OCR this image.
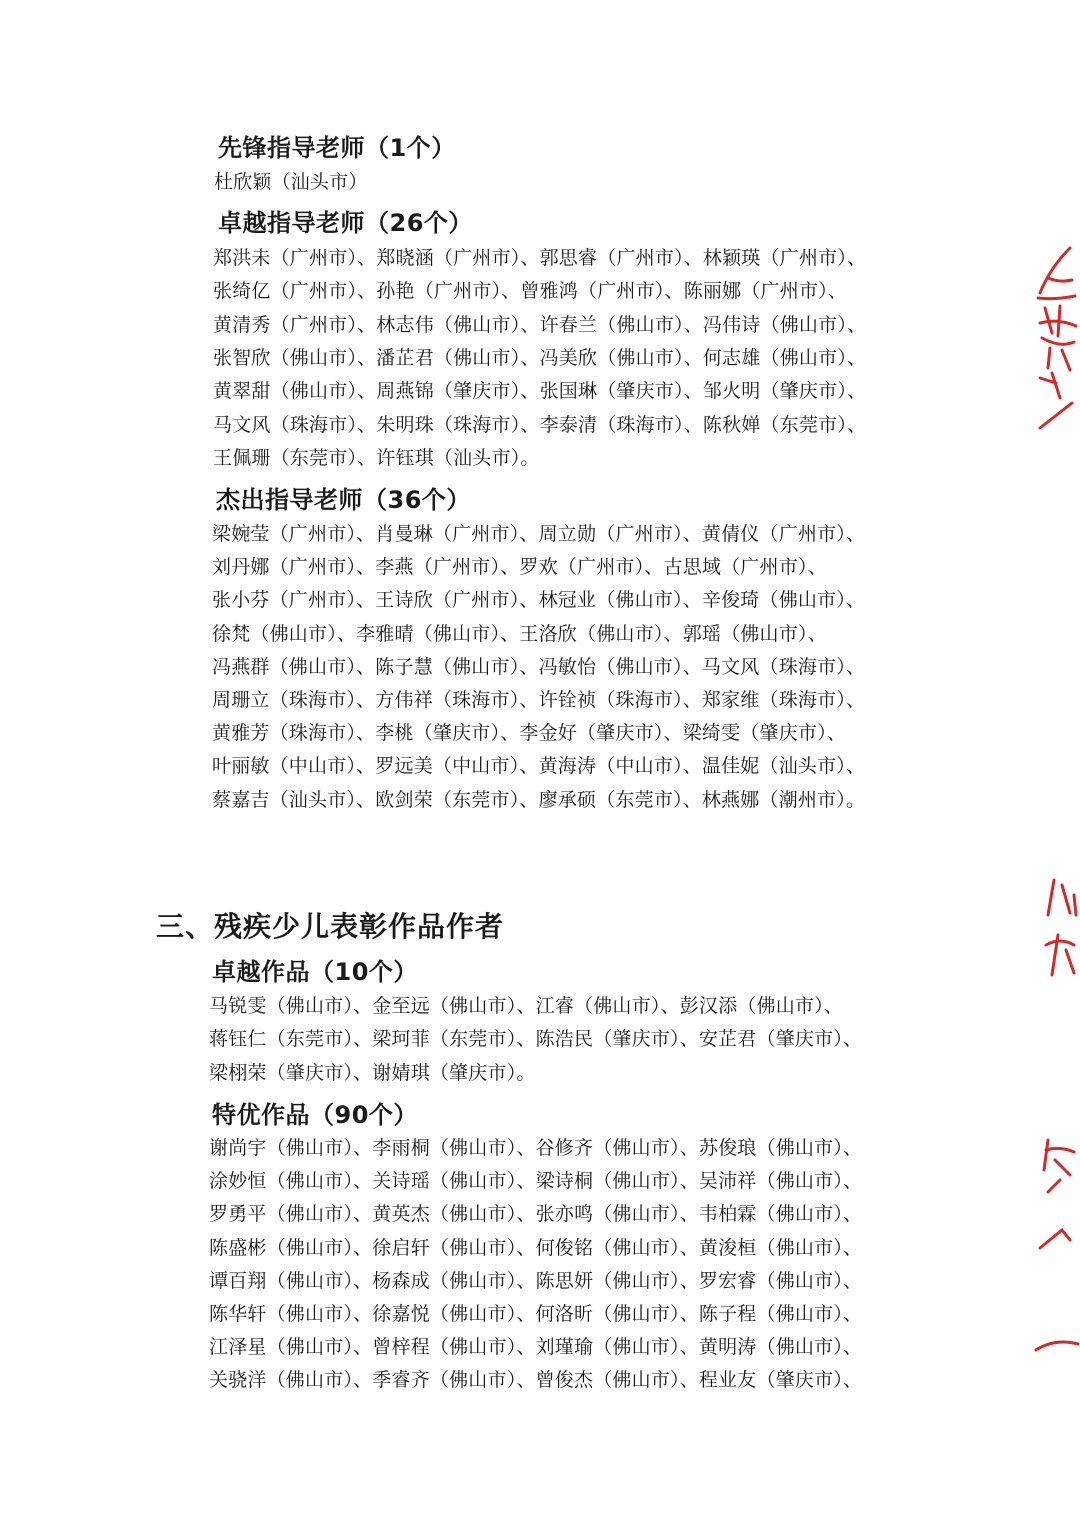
先锋指导老师（1个）
杜欣颖（汕头市）
卓越指导老师（26个）
郑洪未（广州市）、郑晓涵（广州市）、郭思睿（广州市）、林颖瑛（广州市）、
张绮亿（广州市）、孙艳（广州市）、曾雅鸿（广州市）、陈丽娜（广州市）、
黄清秀（广州市）、林志伟（佛山市）、许春兰（佛山市）、冯伟诗（佛山市）、
张智欣（佛山市）、潘芷君（佛山市）、冯美欣（佛山市）、何志雄（佛山市）、
黄翠甜（佛山市）、周燕锦（肇庆市）、张国琳（肇庆市）、邹火明（肇庆市）、
马文风（珠海市）、朱明珠（珠海市）、李泰清（珠海市）、陈秋婵（东莞市）、
王佩珊（东莞市）、许钰琪（汕头市）。
杰出指导老师（36个）
梁婉莹（广州市）、肖曼琳（广州市）、周立勋（广州市）、黄倩仪（广州市）、
刘丹娜（广州市）、李燕（广州市）、罗欢（广州市）、古思域（广州市）、
张小芬（广州市）、王诗欣（广州市）、林冠业（佛山市）、辛俊琦（佛山市）、
徐梵（佛山市）、李雅晴（佛山市）、王洛欣（佛山市）、郭瑶（佛山市）、
冯燕群（佛山市）、陈子慧（佛山市）、冯敏怡（佛山市）、马文风（珠海市）、
周珊立（珠海市）、方伟祥（珠海市）、许铨祯（珠海市）、郑家维（珠海市）、
黄雅芳（珠海市）、李桃（肇庆市）、李金好（肇庆市）、梁绮雯（肇庆市）、
叶丽敏（中山市）、罗远美（中山市）、黄海涛（中山市）、温佳妮（汕头市）、
蔡嘉吉（汕头市）、欧剑荣（东莞市）、廖承硕（东莞市）、林燕娜（潮州市）。
三、残疾少儿表彰作品作者
卓越作品（10个）
马锐雯（佛山市）、金至远（佛山市）、江睿（佛山市）、彭汉添（佛山市）、
蒋钰仁（东莞市）、梁珂菲（东莞市）、陈浩民（肇庆市）、安芷君（肇庆市）、
梁栩荣（肇庆市）、谢婧琪（肇庆市）。
特优作品（90个）
谢尚宇（佛山市）、李雨桐（佛山市）、谷修齐（佛山市）、苏俊琅（佛山市）、
涂妙恒（佛山市）、关诗瑶（佛山市）、梁诗桐（佛山市）、吴沛祥（佛山市）、
罗勇平（佛山市）、黄英杰（佛山市）、张亦鸣（佛山市）、韦柏霖（佛山市）、
陈盛彬（佛山市）、徐启轩（佛山市）、何俊铭（佛山市）、黄浚桓（佛山市）、
谭百翔（佛山市）、杨森成（佛山市）、陈思妍（佛山市）、罗宏睿（佛山市）、
陈华轩（佛山市）、徐嘉悦（佛山市）、何洛昕（佛山市）、陈子程（佛山市）、
江泽星（佛山市）、曾梓程（佛山市）、刘瑾瑜（佛山市）、黄明涛（佛山市）、
关骁洋（佛山市）、季睿齐（佛山市）、曾俊杰（佛山市）、程业友（肇庆市）、
